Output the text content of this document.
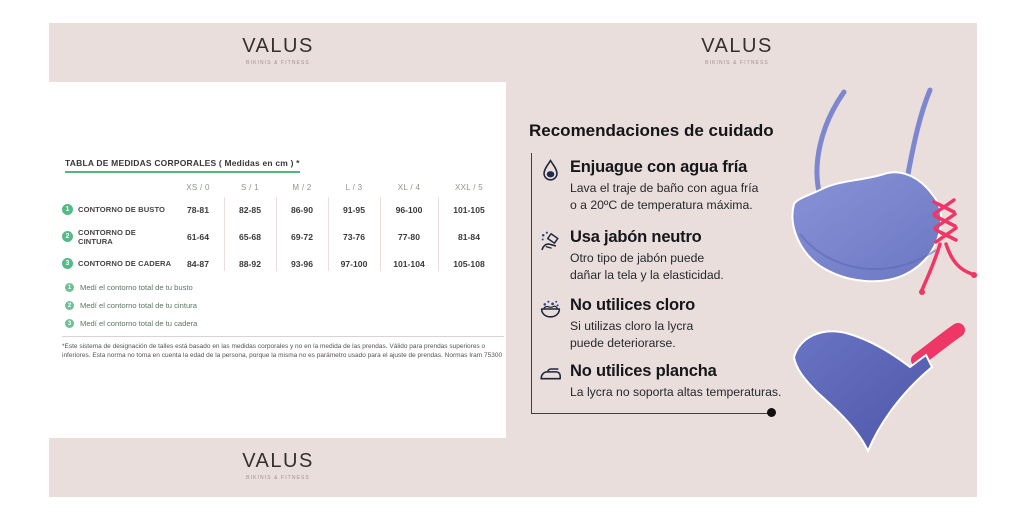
VALUS
BIKINIS & FITNESS
VALUS
BIKINIS & FITNESS
VALUS
BIKINIS & FITNESS
TABLA DE MEDIDAS CORPORALES ( Medidas en cm ) *
XS / 0	S / 1	M / 2	L / 3	XL / 4	XXL / 5
1	CONTORNO DE BUSTO	78-81	82-85	86-90	91-95	96-100	101-105
2	CONTORNO DE CINTURA	61-64	65-68	69-72	73-76	77-80	81-84
3	CONTORNO DE CADERA	84-87	88-92	93-96	97-100	101-104	105-108
1	Medí el contorno total de tu busto
2	Medí el contorno total de tu cintura
3	Medí el contorno total de tu cadera
*Este sistema de designación de talles está basado en las medidas corporales y no en la medida de las prendas. Válido para prendas superiores o inferiores. Esta norma no toma en cuenta la edad de la persona, porque la misma no es parámetro usado para el ajuste de prendas. Normas Iram 75300
Recomendaciones de cuidado
Enjuague con agua fría
Lava el traje de baño con agua fría
o a 20ºC de temperatura máxima.
Usa jabón neutro
Otro tipo de jabón puede
dañar la tela y la elasticidad.
No utilices cloro
Si utilizas cloro la lycra
puede deteriorarse.
No utilices plancha
La lycra no soporta altas temperaturas.
